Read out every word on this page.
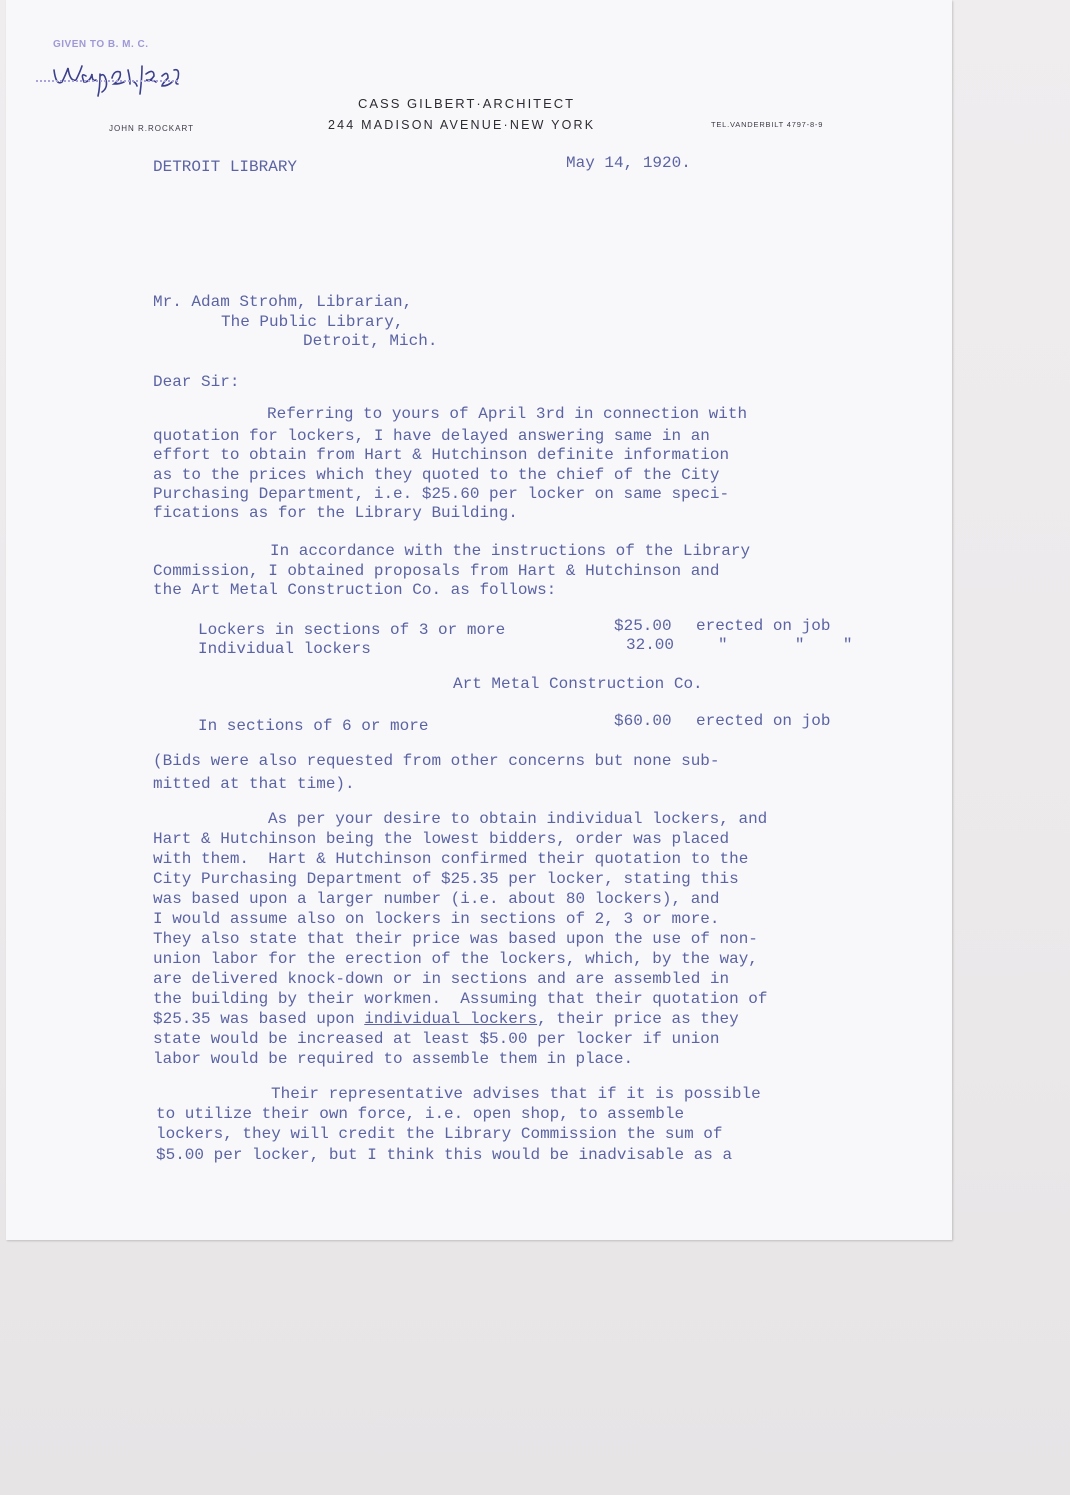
GIVEN TO B. M. C.
CASS GILBERT·ARCHITECT
244 MADISON AVENUE·NEW YORK
JOHN R.ROCKART	TEL.VANDERBILT 4797-8-9
DETROIT LIBRARY	May 14, 1920.
Mr. Adam Strohm, Librarian,
The Public Library,
Detroit, Mich.
Dear Sir:
Referring to yours of April 3rd in connection with
quotation for lockers, I have delayed answering same in an
effort to obtain from Hart & Hutchinson definite information
as to the prices which they quoted to the chief of the City
Purchasing Department, i.e. $25.60 per locker on same speci-
fications as for the Library Building.
In accordance with the instructions of the Library
Commission, I obtained proposals from Hart & Hutchinson and
the Art Metal Construction Co. as follows:
Lockers in sections of 3 or more	$25.00 erected on job
Individual lockers	32.00	"       "    "
Art Metal Construction Co.
In sections of 6 or more	$60.00 erected on job
(Bids were also requested from other concerns but none sub-
mitted at that time).
As per your desire to obtain individual lockers, and
Hart & Hutchinson being the lowest bidders, order was placed
with them.  Hart & Hutchinson confirmed their quotation to the
City Purchasing Department of $25.35 per locker, stating this
was based upon a larger number (i.e. about 80 lockers), and
I would assume also on lockers in sections of 2, 3 or more.
They also state that their price was based upon the use of non-
union labor for the erection of the lockers, which, by the way,
are delivered knock-down or in sections and are assembled in
the building by their workmen.  Assuming that their quotation of
$25.35 was based upon individual lockers, their price as they
state would be increased at least $5.00 per locker if union
labor would be required to assemble them in place.
Their representative advises that if it is possible
to utilize their own force, i.e. open shop, to assemble
lockers, they will credit the Library Commission the sum of
$5.00 per locker, but I think this would be inadvisable as a
